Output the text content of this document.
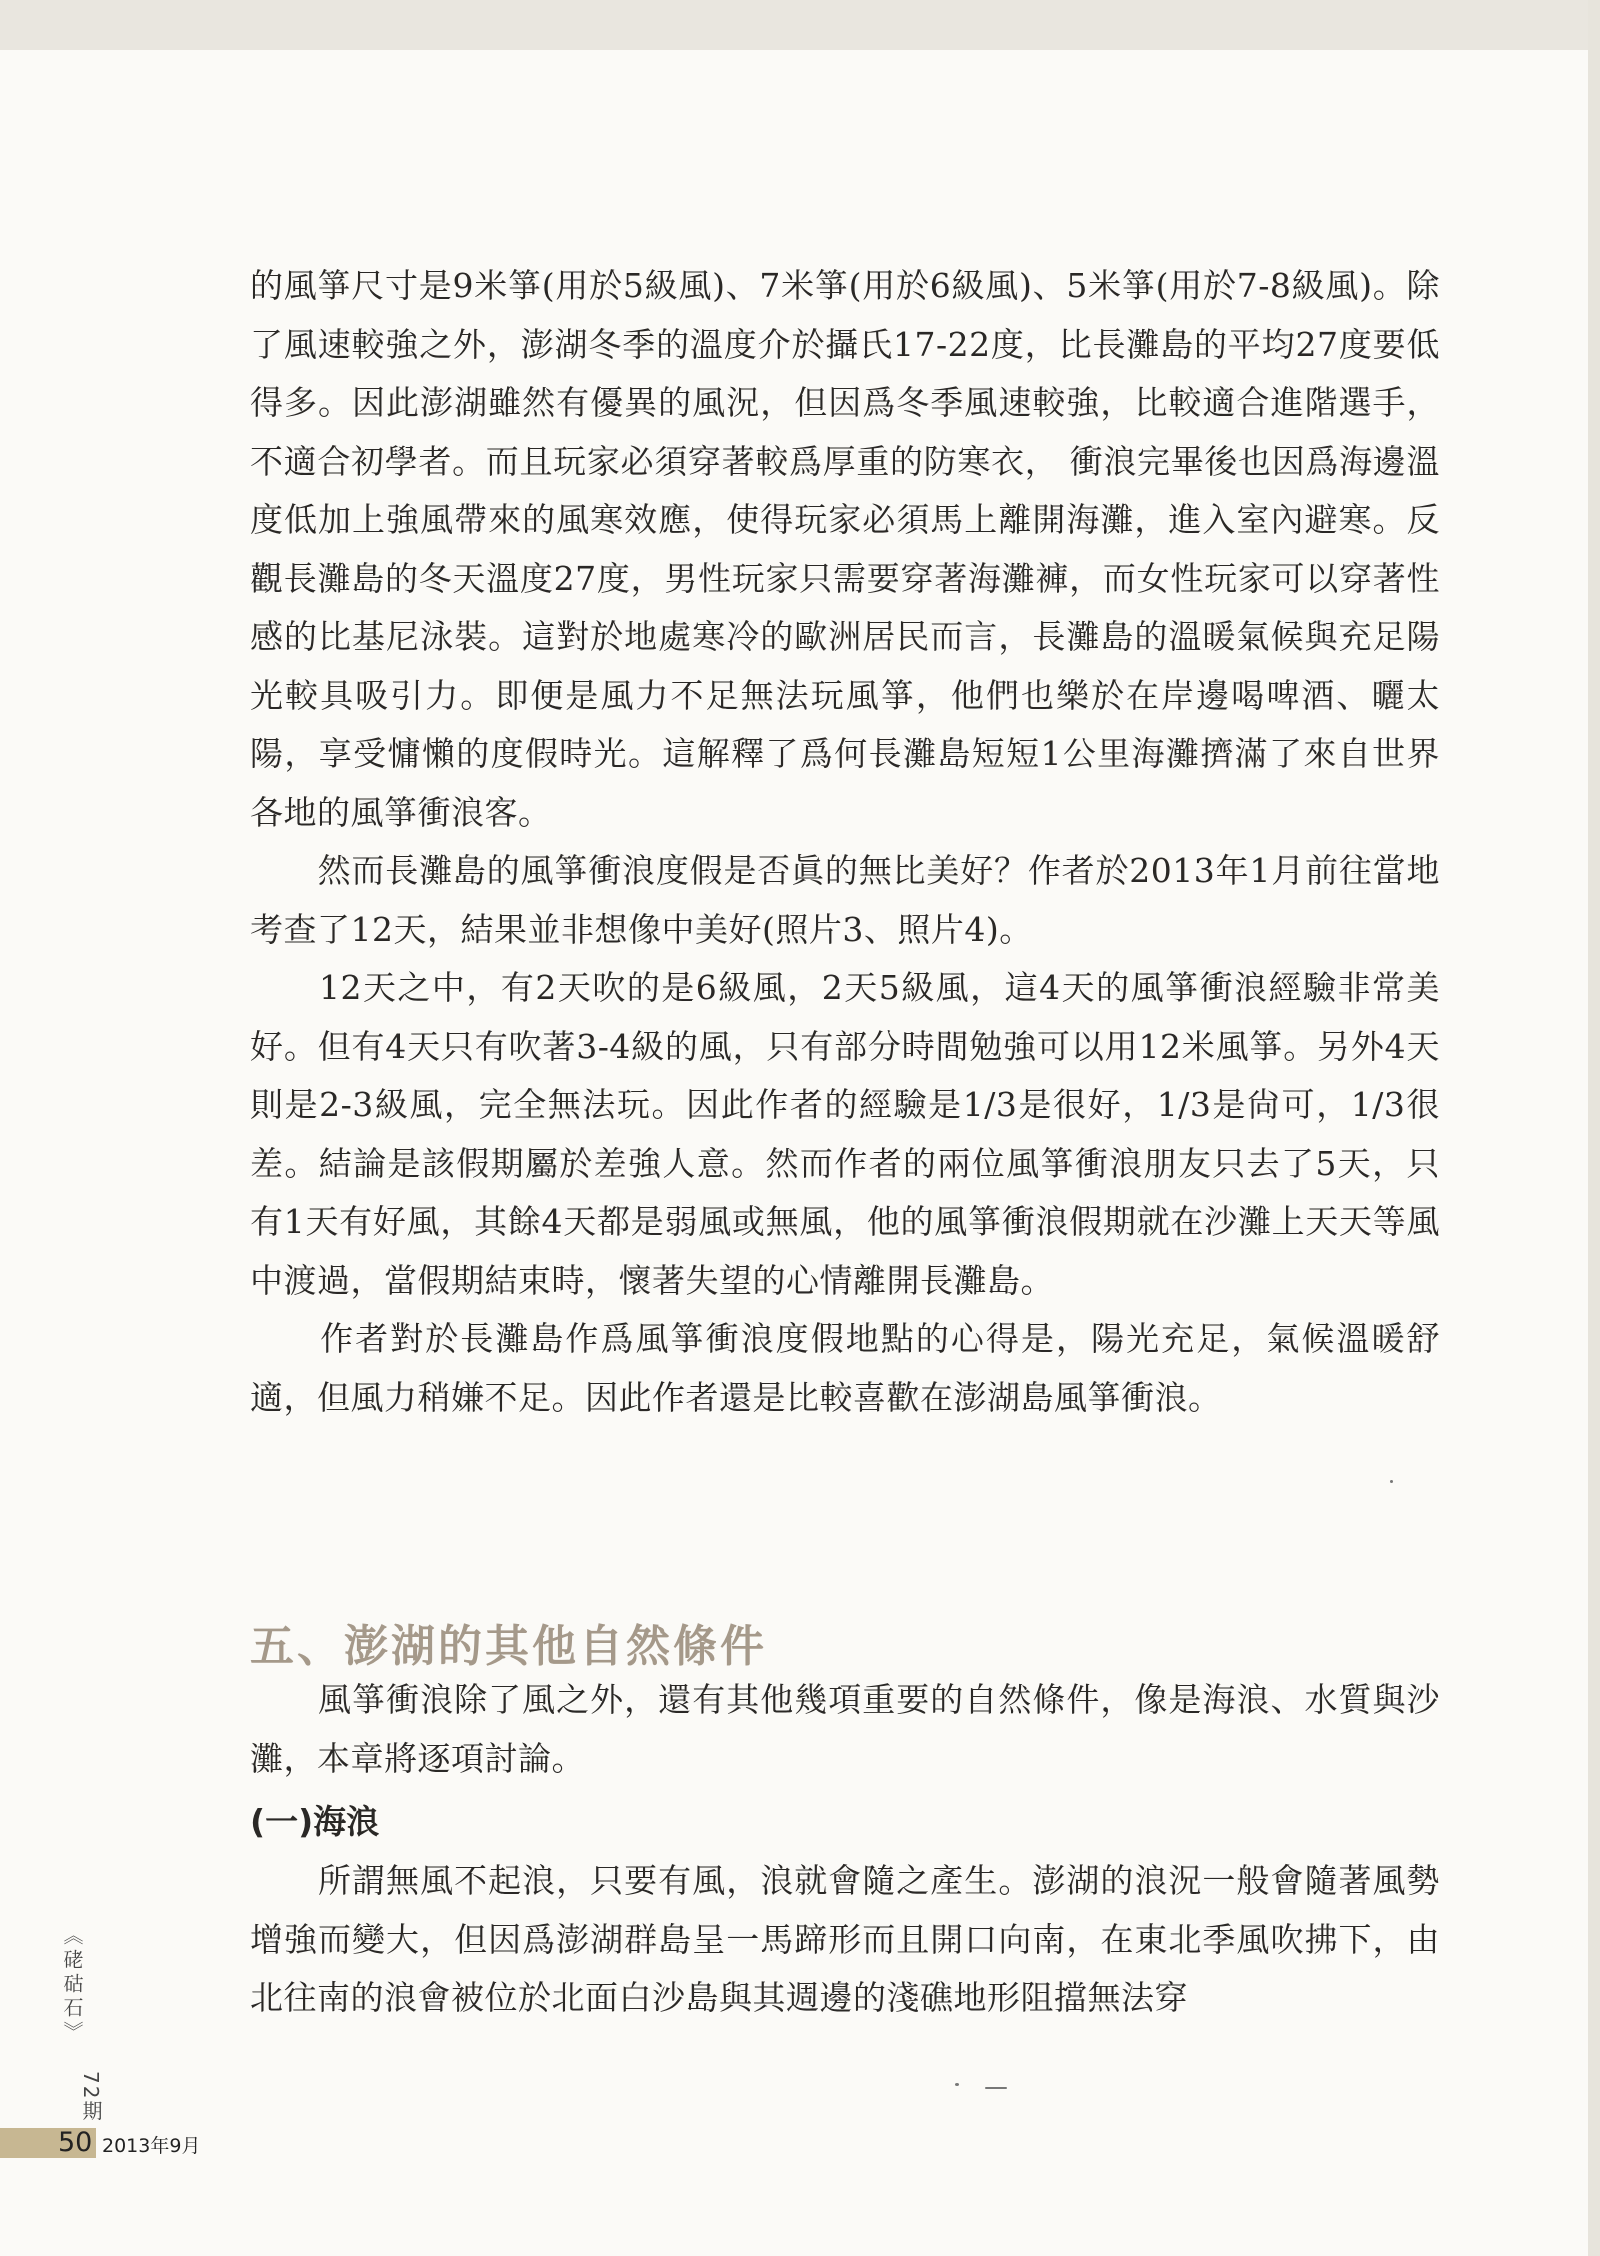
的風箏尺寸是9米箏(用於5級風)、7米箏(用於6級風)、5米箏(用於7-8級風)。除了風速較強之外，澎湖冬季的溫度介於攝氏17-22度，比長灘島的平均27度要低得多。因此澎湖雖然有優異的風況，但因爲冬季風速較強，比較適合進階選手，不適合初學者。而且玩家必須穿著較爲厚重的防寒衣， 衝浪完畢後也因爲海邊溫度低加上強風帶來的風寒效應，使得玩家必須馬上離開海灘，進入室內避寒。反觀長灘島的冬天溫度27度，男性玩家只需要穿著海灘褲，而女性玩家可以穿著性感的比基尼泳裝。這對於地處寒冷的歐洲居民而言，長灘島的溫暖氣候與充足陽光較具吸引力。即便是風力不足無法玩風箏，他們也樂於在岸邊喝啤酒、曬太陽，享受慵懶的度假時光。這解釋了爲何長灘島短短1公里海灘擠滿了來自世界各地的風箏衝浪客。

　　然而長灘島的風箏衝浪度假是否眞的無比美好？作者於2013年1月前往當地考查了12天，結果並非想像中美好(照片3、照片4)。

　　12天之中，有2天吹的是6級風，2天5級風，這4天的風箏衝浪經驗非常美好。但有4天只有吹著3-4級的風，只有部分時間勉強可以用12米風箏。另外4天則是2-3級風，完全無法玩。因此作者的經驗是1/3是很好，1/3是尙可，1/3很差。結論是該假期屬於差強人意。然而作者的兩位風箏衝浪朋友只去了5天，只有1天有好風，其餘4天都是弱風或無風，他的風箏衝浪假期就在沙灘上天天等風中渡過，當假期結束時，懷著失望的心情離開長灘島。

　　作者對於長灘島作爲風箏衝浪度假地點的心得是，陽光充足，氣候溫暖舒適，但風力稍嫌不足。因此作者還是比較喜歡在澎湖島風箏衝浪。

五、澎湖的其他自然條件

　　風箏衝浪除了風之外，還有其他幾項重要的自然條件，像是海浪、水質與沙灘，本章將逐項討論。

(一)海浪

　　所謂無風不起浪，只要有風，浪就會隨之產生。澎湖的浪況一般會隨著風勢增強而變大，但因爲澎湖群島呈一馬蹄形而且開口向南，在東北季風吹拂下，由北往南的浪會被位於北面白沙島與其週邊的淺礁地形阻擋無法穿

《硓𥑮石》
72期
50 2013年9月
